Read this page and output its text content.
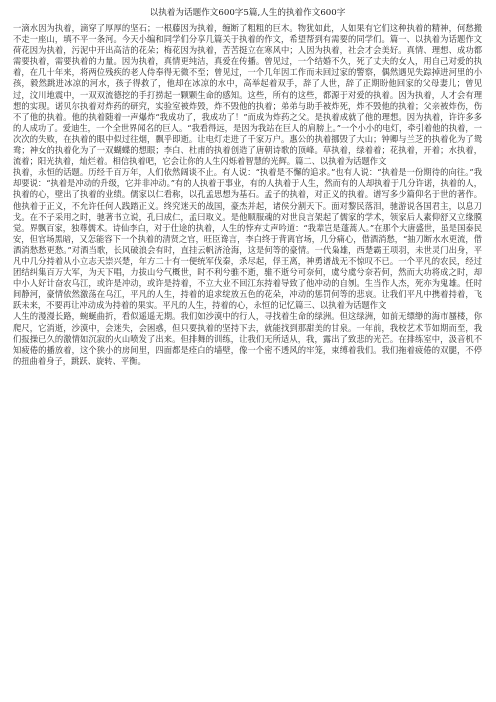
以执着为话题作文600字5篇,人生的执着作文600字

一滴水因为执着，滴穿了厚厚的坚石；一根藤因为执着，缠断了粗粗的巨木。物犹如此，人如果有它们这种执着的精神，何愁搬不走一座山，填不平一条河。今天小编和同学们分享几篇关于执着的作文，希望帮到有需要的同学们。篇一、以执着为话题作文荷花因为执着，污泥中开出高洁的花朵；梅花因为执着，苦苦挺立在寒风中；人因为执着，社会才会美好。真情、理想、成功都需要执着，需要执着的力量。因为执着，真情更纯洁，真爱在传播。曾见过，一个结婚不久，死了丈夫的女人，用自己对爱的执着，在几十年来，将两位残疾的老人侍奉得无微不至；曾见过，一个几年因工作而未回过家的警察，偶然遇见失踪掉进河里的小孩，毅然跳进冰凉的河水，孩子得救了，他却在冰凉的水中，高举起着双手，辞了人世，辞了正期盼他回家的父母妻儿；曾见过，汶川地震中，一双双流德挖的手打捞起一颗颗生命的感知。这些，所有的这些，都源于对爱的执着。因为执着，人才会有理想的实现。诺贝尔执着对炸药的研究，实验室被炸毁，炸不毁他的执着；弟弟与助手被炸死，炸不毁他的执着；父亲被炸伤，伤不了他的执着。他的执着随着一声爆炸“我成功了，我成功了！”而成为炸药之父。是执着成就了他的理想。因为执着，许许多多的人成功了。爱迪生，一个全世界闻名的巨人。“我看得远，是因为我站在巨人的肩膀上。”一个小小的电灯，牵引着他的执着，一次次的失败，在执着的眼中似过往烟，飘乎即逝。让电灯走进了千家万户。惠公的执着挪毁了大山；钟卿与兰芝的执着化为了鸳鸯；神女的执着化为了一双蝴蝶的想眼；李白、杜甫的执着创造了唐朝诗歌的顶峰。草执着，绿着着；花执着，开着；水执着，流着；阳光执着，灿烂着。相信执着吧，它会让你的人生闪烁着智慧的光辉。篇二、以执着为话题作文

执着，永恒的话题。历经千百万年，人们依然阔谈不止。有人说：“执着是不懈的追求。”也有人说：“执着是一份期待的向往。”我却要说：“执着是冲动的升级，它并非冲动。”有的人执着于事业，有的人执着于人生，然而有的人却执着于几分许诺，执着的人，执着的心，壁出了执着的业绩。儒家以仁看称，以孔孟思想为基石。孟子的执着，对正义的执着。谱写多少篇仰名于世的著作。他执着于正义，不允许任何人践踏正义。终究迷天的战国，豪杰并起，诸侯分割天下。面对黎民落泪，驰游说各国君主，以息刀戈。在不子采用之时，驰著书立说，孔曰成仁，孟曰取义。是他顺服魂的对世良言架起了儒家的学术，领家后人素仰舒又立缘膜觉。界飘百家，独尊儒术。诗仙李白，对于仕途的执着，人生的悖弃丈声吟道：“我辈岂是蓬蒿人。”在那个大唐盛世，虽是国泰民安，但官场黑暗，又怎能容下一个执着的清贤之官，旺臣谗言，李白终于背离官场，几分痛心，借酒消愁，“抽刀断水水更流，借酒消愁愁更愁。”对酒当歌，长风破浪会有时，直挂云帆济沧海，这是何等的豪情。一代枭雄，西楚霸王项羽，未世灵门出身，平凡中几分持着从小立志天崇兴楚，年方二十有一便统军伐秦，杀尽起，俘王离，神勇谱战无不惊叹不已。一个平凡的农民，经过团结纠集百万大军，为天下唱，力拔山兮气概世，时不利兮骓不逝，骓不逝兮可奈何，虞兮虞兮奈若何，然而大功将成之时，却中小人好计奋农乌江，或许是冲动，或许是持着，不立大业不回江东持着导致了他冲动的自刎。生当作人杰，死亦为鬼雄。任时间静河，豪情依然激荡在乌江，平凡的人生，持着的追求绽放五色的花朵，冲动的惩罚何等的悲哀。让我们平凡中携着持着，飞跃未来，不要再让冲动成为持着的果实。平凡的人生，持着的心，永恒的记忆篇三、以执着为话题作文

人生的漫漫长路，蜿蜒曲折，看似遥遥无期。我们如沙漠中的行人，寻找着生命的绿洲。但这绿洲，如前无缥缈的海市蜃楼，你爬尺，它消逝，沙漠中，会迷失，会困惑，但只要执着的坚持下去，就能找到那甜美的甘泉。一年前，我校艺术节如期而至，我们报操已久的激情如沉寂的火山喷发了出来。但排舞的训练，让我们无所适从，我，露出了致悲的光芒。在排练室中，汲音机不知疲倦的播放着，这个狭小的房间里，四面都是痊白的墙壁，像一个密不透风的牢笼，束缚着我们。我们拖着疲倦的双腿，不停的扭曲着身子，跳跃、旋转、平衡。
